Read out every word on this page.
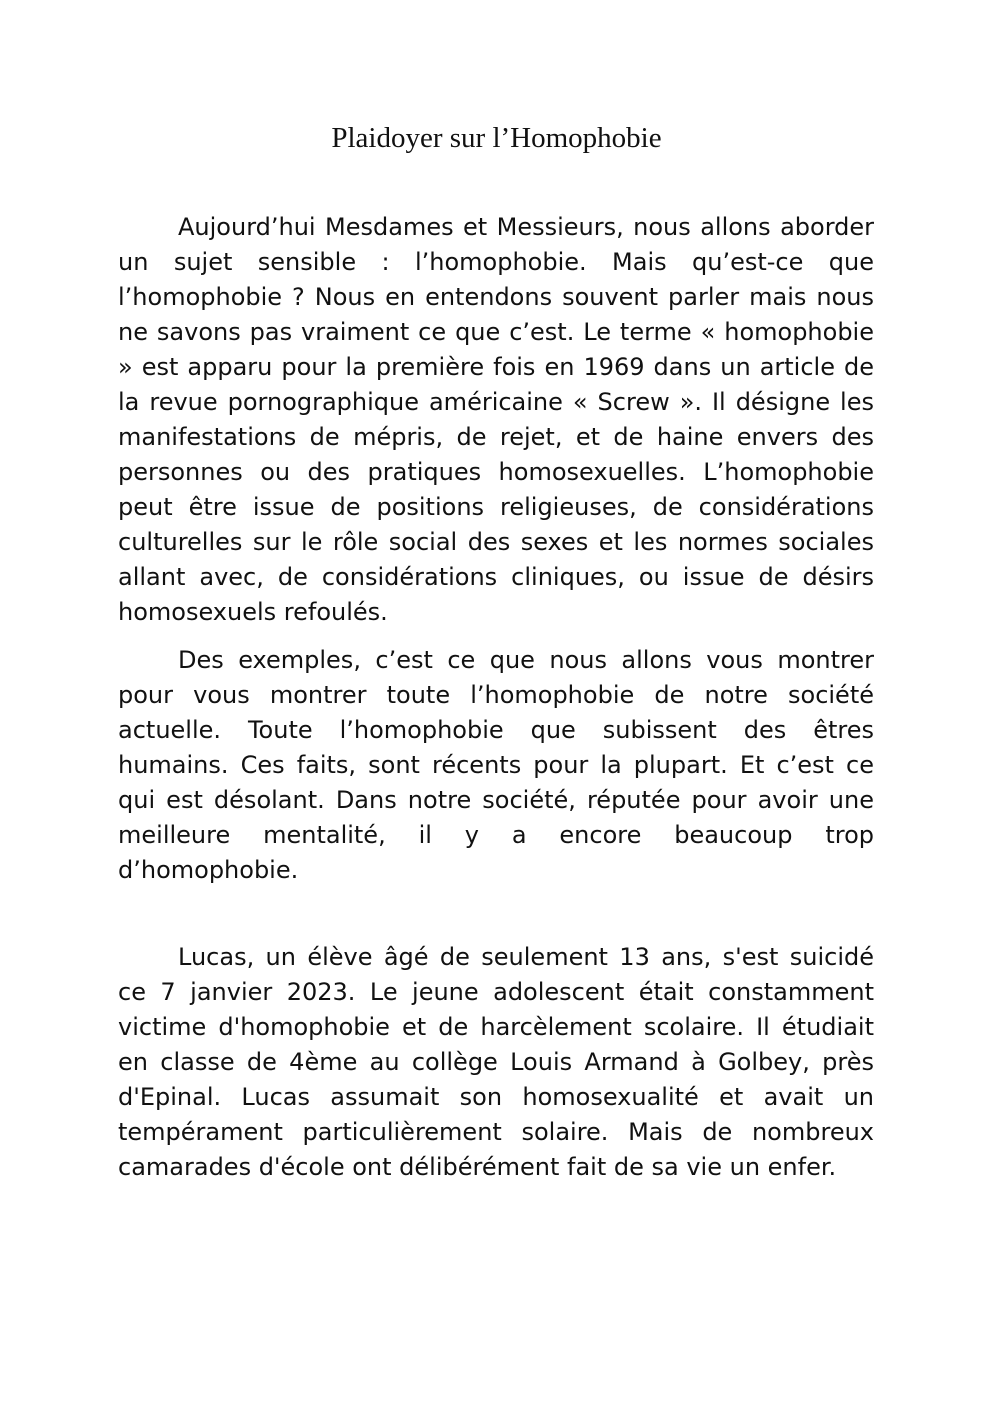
Plaidoyer sur l’Homophobie

Aujourd’hui Mesdames et Messieurs, nous allons aborder un sujet sensible : l’homophobie. Mais qu’est-ce que l’homophobie ? Nous en entendons souvent parler mais nous ne savons pas vraiment ce que c’est. Le terme « homophobie » est apparu pour la première fois en 1969 dans un article de la revue pornographique américaine « Screw ». Il désigne les manifestations de mépris, de rejet, et de haine envers des personnes ou des pratiques homosexuelles. L’homophobie peut être issue de positions religieuses, de considérations culturelles sur le rôle social des sexes et les normes sociales allant avec, de considérations cliniques, ou issue de désirs homosexuels refoulés.

Des exemples, c’est ce que nous allons vous montrer pour vous montrer toute l’homophobie de notre société actuelle. Toute l’homophobie que subissent des êtres humains. Ces faits, sont récents pour la plupart. Et c’est ce qui est désolant. Dans notre société, réputée pour avoir une meilleure mentalité, il y a encore beaucoup trop d’homophobie.

Lucas, un élève âgé de seulement 13 ans, s'est suicidé ce 7 janvier 2023. Le jeune adolescent était constamment victime d'homophobie et de harcèlement scolaire. Il étudiait en classe de 4ème au collège Louis Armand à Golbey, près d'Epinal. Lucas assumait son homosexualité et avait un tempérament particulièrement solaire. Mais de nombreux camarades d'école ont délibérément fait de sa vie un enfer.
